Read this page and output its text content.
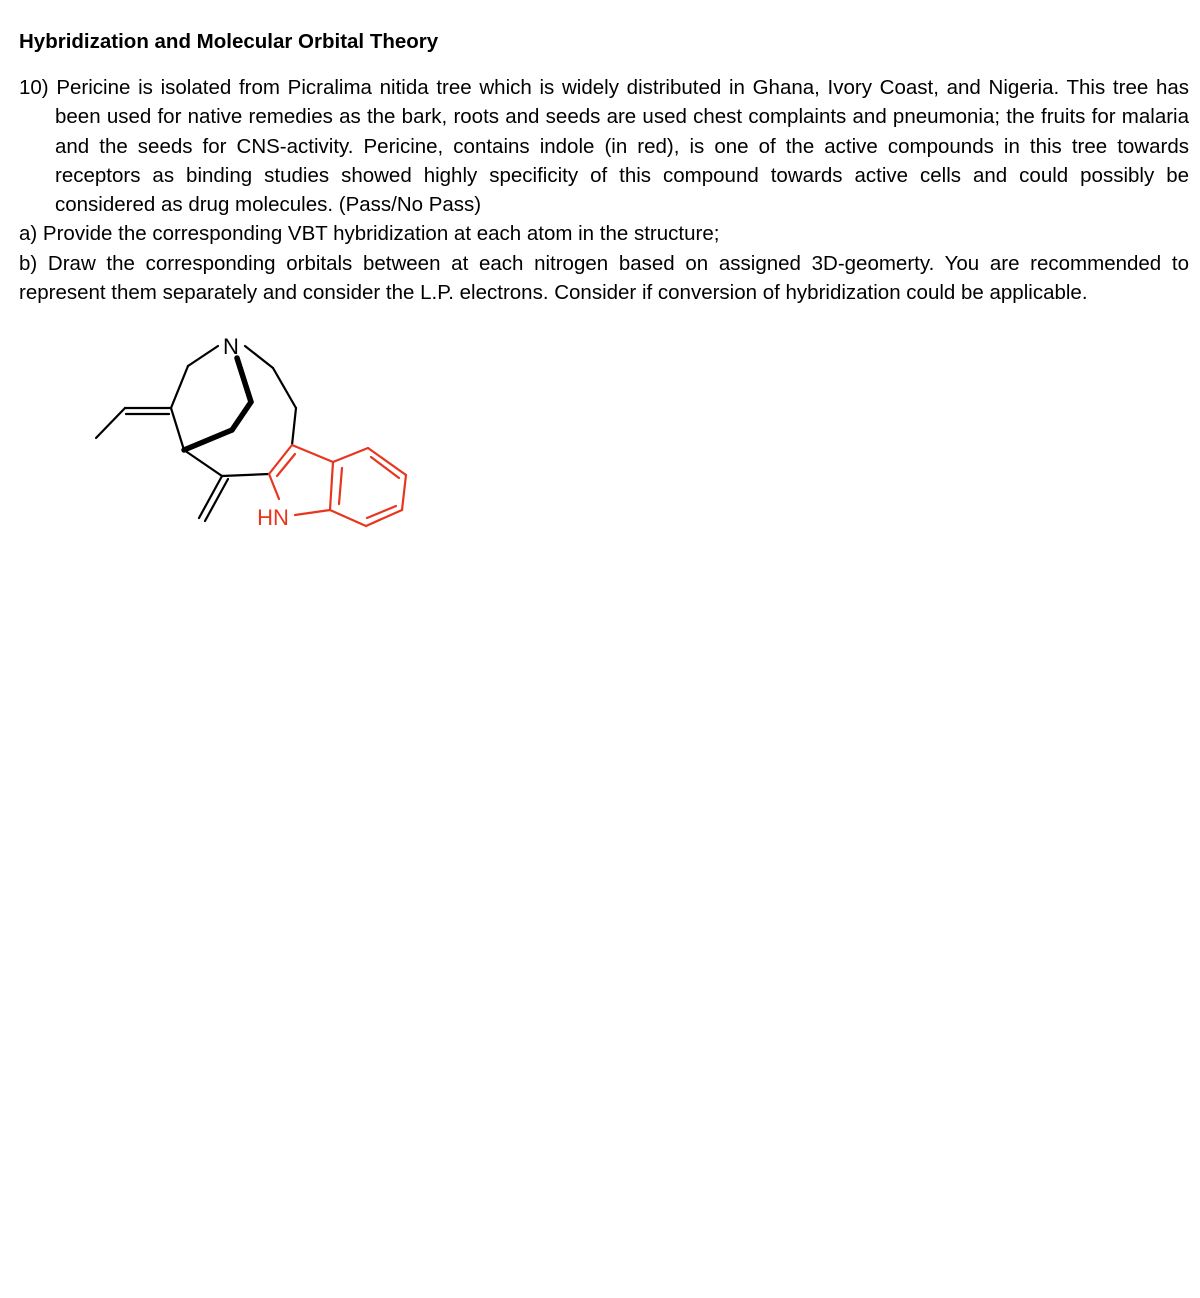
Hybridization and Molecular Orbital Theory

10) Pericine is isolated from Picralima nitida tree which is widely distributed in Ghana, Ivory Coast, and Nigeria. This tree has been used for native remedies as the bark, roots and seeds are used chest complaints and pneumonia; the fruits for malaria and the seeds for CNS-activity. Pericine, contains indole (in red), is one of the active compounds in this tree towards receptors as binding studies showed highly specificity of this compound towards active cells and could possibly be considered as drug molecules. (Pass/No Pass)

a) Provide the corresponding VBT hybridization at each atom in the structure;

b) Draw the corresponding orbitals between at each nitrogen based on assigned 3D-geomerty. You are recommended to represent them separately and consider the L.P. electrons. Consider if conversion of hybridization could be applicable.

N
HN
